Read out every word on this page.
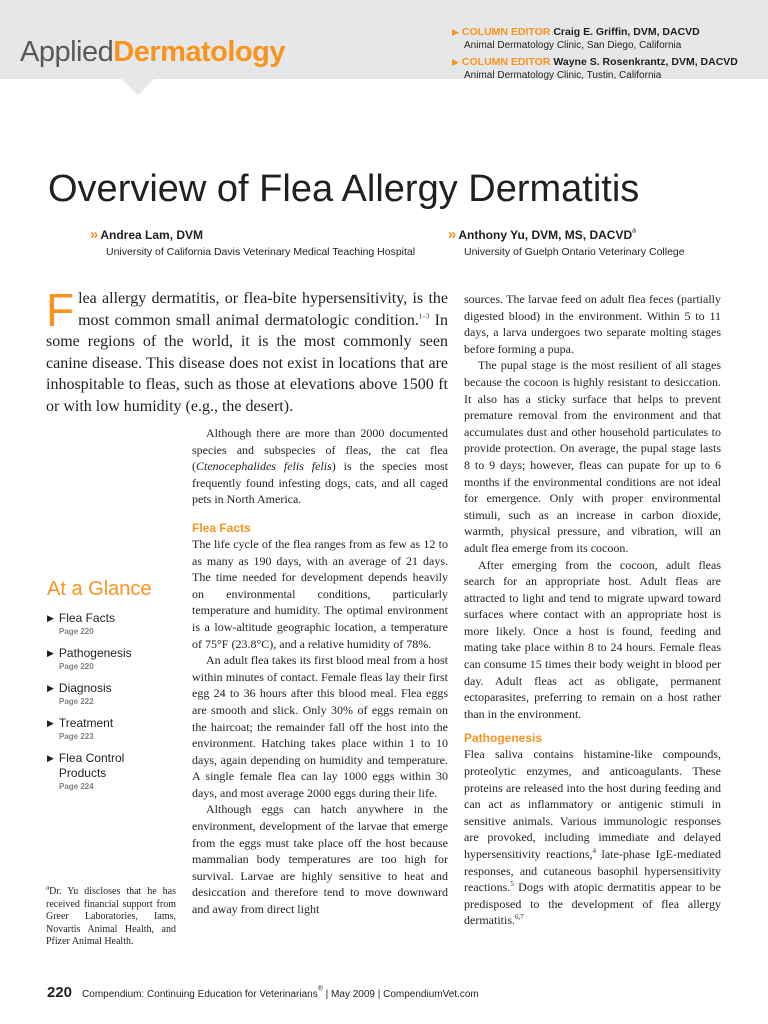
AppliedDermatology
▶ COLUMN EDITOR Craig E. Griffin, DVM, DACVD
Animal Dermatology Clinic, San Diego, California
▶ COLUMN EDITOR Wayne S. Rosenkrantz, DVM, DACVD
Animal Dermatology Clinic, Tustin, California
Overview of Flea Allergy Dermatitis
» Andrea Lam, DVM
University of California Davis Veterinary Medical Teaching Hospital
» Anthony Yu, DVM, MS, DACVD$^a$
University of Guelph Ontario Veterinary College
Flea allergy dermatitis, or flea-bite hypersensitivity, is the most common small animal dermatologic condition.$^{1-3}$ In some regions of the world, it is the most commonly seen canine disease. This disease does not exist in locations that are inhospitable to fleas, such as those at elevations above 1500 ft or with low humidity (e.g., the desert).

Although there are more than 2000 documented species and subspecies of fleas, the cat flea (Ctenocephalides felis felis) is the species most frequently found infesting dogs, cats, and all caged pets in North America.

Flea Facts

The life cycle of the flea ranges from as few as 12 to as many as 190 days, with an average of 21 days. The time needed for development depends heavily on environmental conditions, particularly temperature and humidity. The optimal environment is a low-altitude geographic location, a temperature of 75°F (23.8°C), and a relative humidity of 78%.

An adult flea takes its first blood meal from a host within minutes of contact. Female fleas lay their first egg 24 to 36 hours after this blood meal. Flea eggs are smooth and slick. Only 30% of eggs remain on the haircoat; the remainder fall off the host into the environment. Hatching takes place within 1 to 10 days, again depending on humidity and temperature. A single female flea can lay 1000 eggs within 30 days, and most average 2000 eggs during their life.

Although eggs can hatch anywhere in the environment, development of the larvae that emerge from the eggs must take place off the host because mammalian body temperatures are too high for survival. Larvae are highly sensitive to heat and desiccation and therefore tend to move downward and away from direct light

sources. The larvae feed on adult flea feces (partially digested blood) in the environment. Within 5 to 11 days, a larva undergoes two separate molting stages before forming a pupa.

The pupal stage is the most resilient of all stages because the cocoon is highly resistant to desiccation. It also has a sticky surface that helps to prevent premature removal from the environment and that accumulates dust and other household particulates to provide protection. On average, the pupal stage lasts 8 to 9 days; however, fleas can pupate for up to 6 months if the environmental conditions are not ideal for emergence. Only with proper environmental stimuli, such as an increase in carbon dioxide, warmth, physical pressure, and vibration, will an adult flea emerge from its cocoon.

After emerging from the cocoon, adult fleas search for an appropriate host. Adult fleas are attracted to light and tend to migrate upward toward surfaces where contact with an appropriate host is more likely. Once a host is found, feeding and mating take place within 8 to 24 hours. Female fleas can consume 15 times their body weight in blood per day. Adult fleas act as obligate, permanent ectoparasites, preferring to remain on a host rather than in the environment.

Pathogenesis

Flea saliva contains histamine-like compounds, proteolytic enzymes, and anticoagulants. These proteins are released into the host during feeding and can act as inflammatory or antigenic stimuli in sensitive animals. Various immunologic responses are provoked, including immediate and delayed hypersensitivity reactions,$^4$ late-phase IgE-mediated responses, and cutaneous basophil hypersensitivity reactions.$^5$ Dogs with atopic dermatitis appear to be predisposed to the development of flea allergy dermatitis.$^{6,7}$

At a Glance
▶ Flea Facts
Page 220
▶ Pathogenesis
Page 220
▶ Diagnosis
Page 222
▶ Treatment
Page 223
▶ Flea Control Products
Page 224
$^a$Dr. Yu discloses that he has received financial support from Greer Laboratories, Iams, Novartis Animal Health, and Pfizer Animal Health.
220 Compendium: Continuing Education for Veterinarians® | May 2009 | CompendiumVet.com
